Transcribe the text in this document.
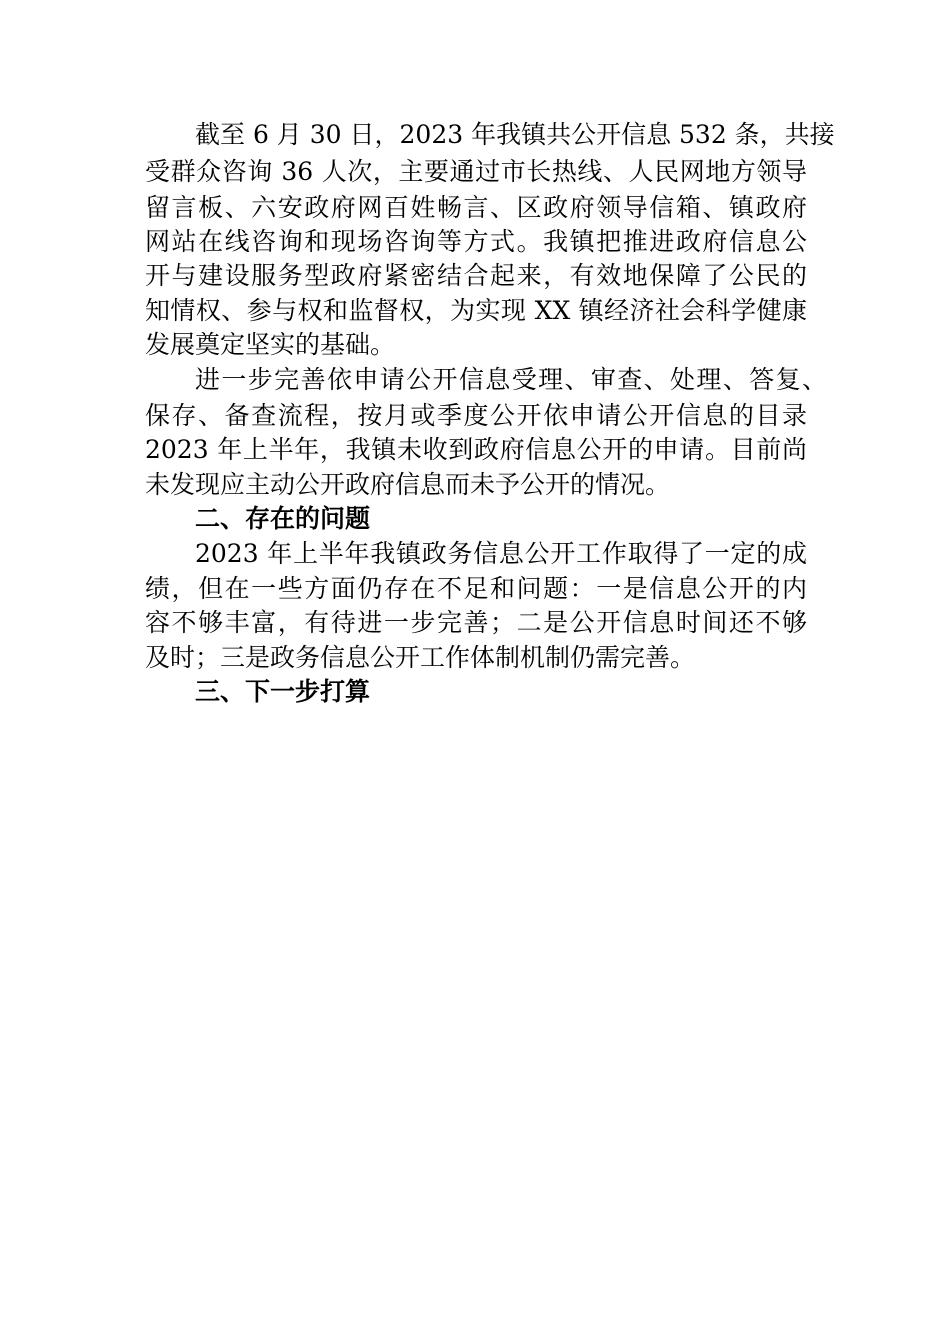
截至 6 月 30 日，2023 年我镇共公开信息 532 条，共接
受群众咨询 36 人次，主要通过市长热线、人民网地方领导
留言板、六安政府网百姓畅言、区政府领导信箱、镇政府
网站在线咨询和现场咨询等方式。我镇把推进政府信息公
开与建设服务型政府紧密结合起来，有效地保障了公民的
知情权、参与权和监督权，为实现 XX 镇经济社会科学健康
发展奠定坚实的基础。
进一步完善依申请公开信息受理、审查、处理、答复、
保存、备查流程，按月或季度公开依申请公开信息的目录
2023 年上半年，我镇未收到政府信息公开的申请。目前尚
未发现应主动公开政府信息而未予公开的情况。
二、存在的问题
2023 年上半年我镇政务信息公开工作取得了一定的成
绩，但在一些方面仍存在不足和问题：一是信息公开的内
容不够丰富，有待进一步完善；二是公开信息时间还不够
及时；三是政务信息公开工作体制机制仍需完善。
三、下一步打算
